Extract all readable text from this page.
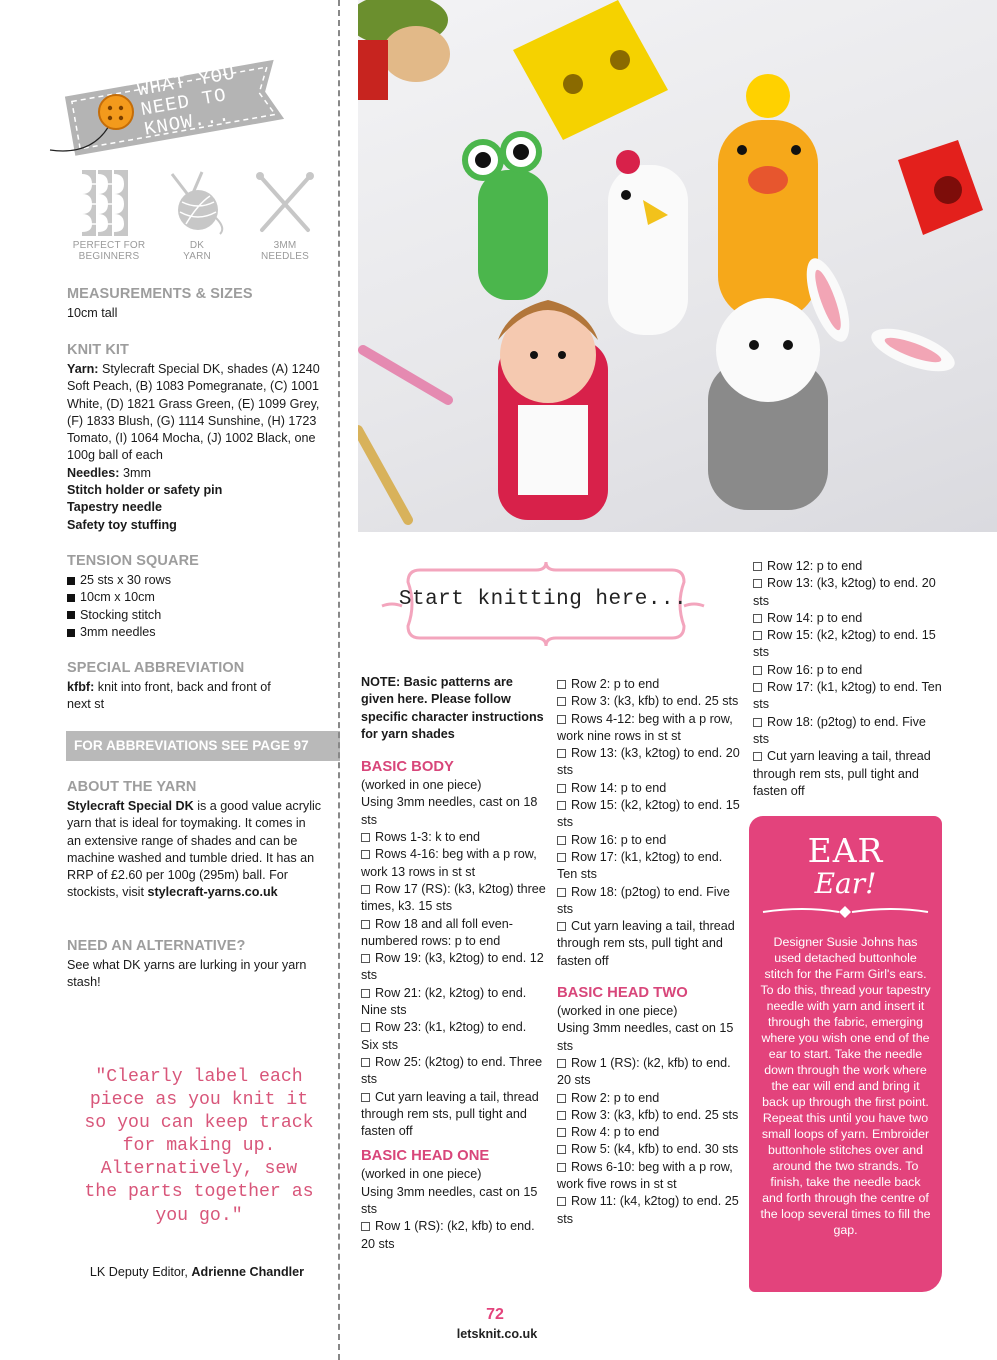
WHAT YOU NEED TO KNOW...
PERFECT FOR
BEGINNERS
DK
YARN
3MM
NEEDLES
MEASUREMENTS & SIZES
10cm tall
KNIT KIT
Yarn: Stylecraft Special DK, shades (A) 1240 Soft Peach, (B) 1083 Pomegranate, (C) 1001 White, (D) 1821 Grass Green, (E) 1099 Grey, (F) 1833 Blush, (G) 1114 Sunshine, (H) 1723 Tomato, (I) 1064 Mocha, (J) 1002 Black, one 100g ball of each
Needles: 3mm
Stitch holder or safety pin
Tapestry needle
Safety toy stuffing
TENSION SQUARE
25 sts x 30 rows
10cm x 10cm
Stocking stitch
3mm needles
SPECIAL ABBREVIATION
kfbf: knit into front, back and front of next st
FOR ABBREVIATIONS SEE PAGE 97
ABOUT THE YARN
Stylecraft Special DK is a good value acrylic yarn that is ideal for toymaking. It comes in an extensive range of shades and can be machine washed and tumble dried. It has an RRP of £2.60 per 100g (295m) ball. For stockists, visit stylecraft-yarns.co.uk
NEED AN ALTERNATIVE?
See what DK yarns are lurking in your yarn stash!
"Clearly label each piece as you knit it so you can keep track for making up. Alternatively, sew the parts together as you go."
LK Deputy Editor, Adrienne Chandler
Start knitting here...

NOTE: Basic patterns are given here. Please follow specific character instructions for yarn shades

BASIC BODY

(worked in one piece)

Using 3mm needles, cast on 18 sts

Rows 1-3: k to end

Rows 4-16: beg with a p row, work 13 rows in st st

Row 17 (RS): (k3, k2tog) three times, k3. 15 sts

Row 18 and all foll even-numbered rows: p to end

Row 19: (k3, k2tog) to end. 12 sts

Row 21: (k2, k2tog) to end. Nine sts

Row 23: (k1, k2tog) to end. Six sts

Row 25: (k2tog) to end. Three sts

Cut yarn leaving a tail, thread through rem sts, pull tight and fasten off

BASIC HEAD ONE

(worked in one piece)

Using 3mm needles, cast on 15 sts

Row 1 (RS): (k2, kfb) to end. 20 sts

Row 2: p to end

Row 3: (k3, kfb) to end. 25 sts

Rows 4-12: beg with a p row, work nine rows in st st

Row 13: (k3, k2tog) to end. 20 sts

Row 14: p to end

Row 15: (k2, k2tog) to end. 15 sts

Row 16: p to end

Row 17: (k1, k2tog) to end. Ten sts

Row 18: (p2tog) to end. Five sts

Cut yarn leaving a tail, thread through rem sts, pull tight and fasten off

BASIC HEAD TWO

(worked in one piece)

Using 3mm needles, cast on 15 sts

Row 1 (RS): (k2, kfb) to end. 20 sts

Row 2: p to end

Row 3: (k3, kfb) to end. 25 sts

Row 4: p to end

Row 5: (k4, kfb) to end. 30 sts

Rows 6-10: beg with a p row, work five rows in st st

Row 11: (k4, k2tog) to end. 25 sts

Row 12: p to end

Row 13: (k3, k2tog) to end. 20 sts

Row 14: p to end

Row 15: (k2, k2tog) to end. 15 sts

Row 16: p to end

Row 17: (k1, k2tog) to end. Ten sts

Row 18: (p2tog) to end. Five sts

Cut yarn leaving a tail, thread through rem sts, pull tight and fasten off

EAR
Ear!
Designer Susie Johns has used detached buttonhole stitch for the Farm Girl's ears. To do this, thread your tapestry needle with yarn and insert it through the fabric, emerging where you wish one end of the ear to start. Take the needle down through the work where the ear will end and bring it back up through the first point. Repeat this until you have two small loops of yarn. Embroider buttonhole stitches over and around the two strands. To finish, take the needle back and forth through the centre of the loop several times to fill the gap.
72
letsknit.co.uk
